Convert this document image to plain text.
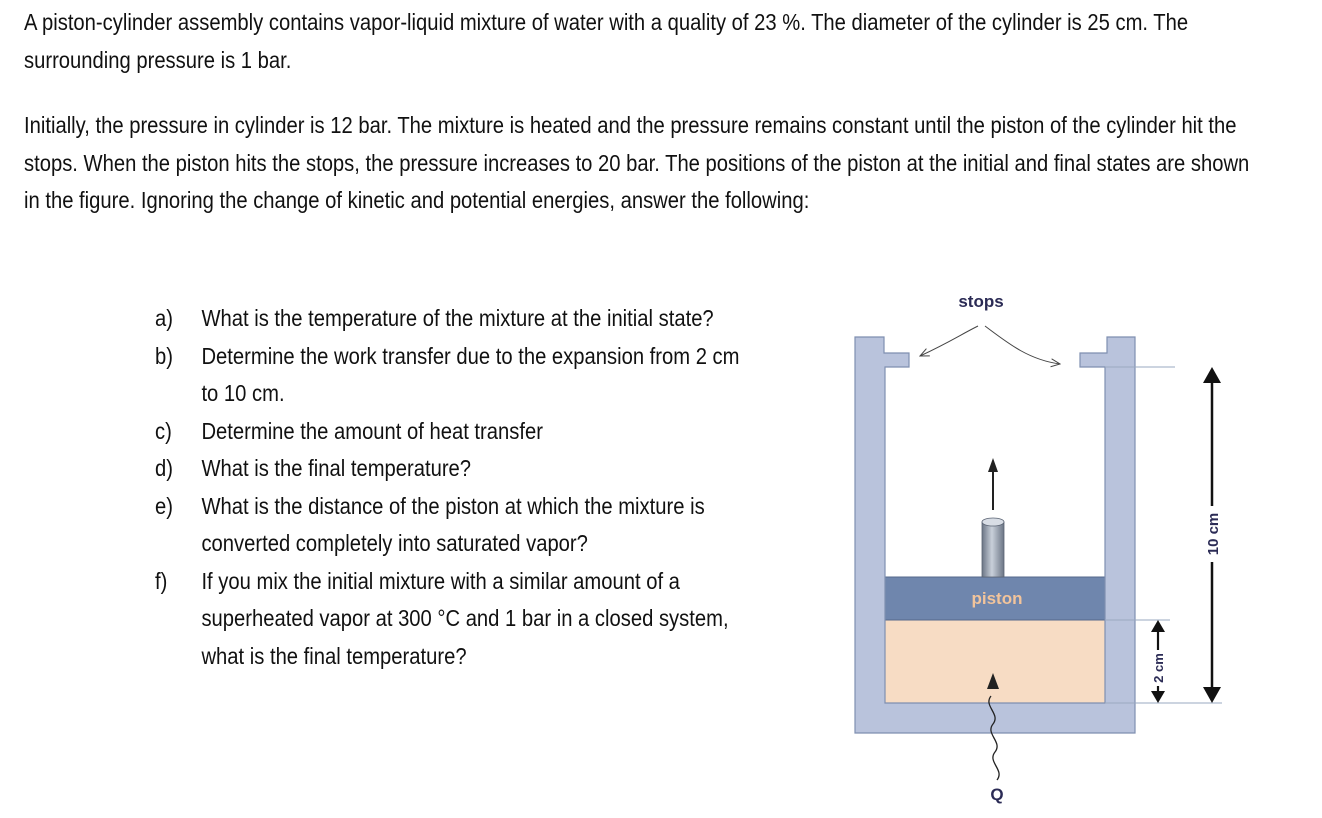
A piston-cylinder assembly contains vapor-liquid mixture of water with a quality of 23 %. The diameter of the cylinder is 25 cm. The surrounding pressure is 1 bar.
Initially, the pressure in cylinder is 12 bar. The mixture is heated and the pressure remains constant until the piston of the cylinder hit the stops. When the piston hits the stops, the pressure increases to 20 bar. The positions of the piston at the initial and final states are shown in the figure. Ignoring the change of kinetic and potential energies, answer the following:
a)	What is the temperature of the mixture at the initial state?
b)	Determine the work transfer due to the expansion from 2 cm to 10 cm.
c)	Determine the amount of heat transfer
d)	What is the final temperature?
e)	What is the distance of the piston at which the mixture is converted completely into saturated vapor?
f)	If you mix the initial mixture with a similar amount of a superheated vapor at 300 °C and 1 bar in a closed system, what is the final temperature?
stops
piston
Q
2 cm
10 cm
